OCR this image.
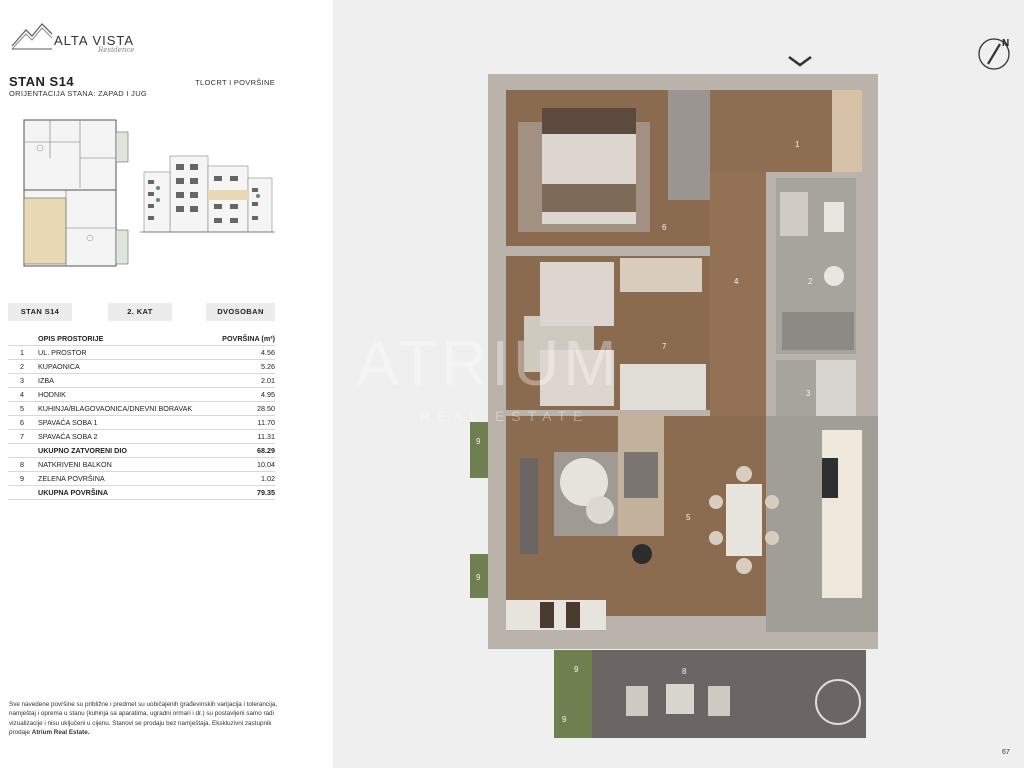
ALTA VISTA
Residence
STAN S14
ORIJENTACIJA STANA: ZAPAD I JUG
TLOCRT I POVRŠINE
STAN S14	2. KAT	DVOSOBAN
	OPIS PROSTORIJE	POVRŠINA (m²)
1	UL. PROSTOR	4.56
2	KUPAONICA	5.26
3	IZBA	2.01
4	HODNIK	4.95
5	KUHINJA/BLAGOVAONICA/DNEVNI BORAVAK	28.50
6	SPAVAĆA SOBA 1	11.70
7	SPAVAĆA SOBA 2	11.31
	UKUPNO ZATVORENI DIO	68.29
8	NATKRIVENI BALKON	10.04
9	ZELENA POVRŠINA	1.02
	UKUPNA POVRŠINA	79.35
Sve navedene površine su približne i predmet su uobičajenih građevinskih varijacija i tolerancija, namještaj i oprema u stanu (kuhinja sa aparatima, ugradni ormari i dr.) su postavljeni samo radi vizualizacije i nisu uključeni u cijenu. Stanovi se prodaju bez namještaja. Ekskluzivni zastupnik prodaje Atrium Real Estate.
N
1
2
3
4
5
6
7
8
9
9
9
9
ATRIUM
REAL ESTATE
67
